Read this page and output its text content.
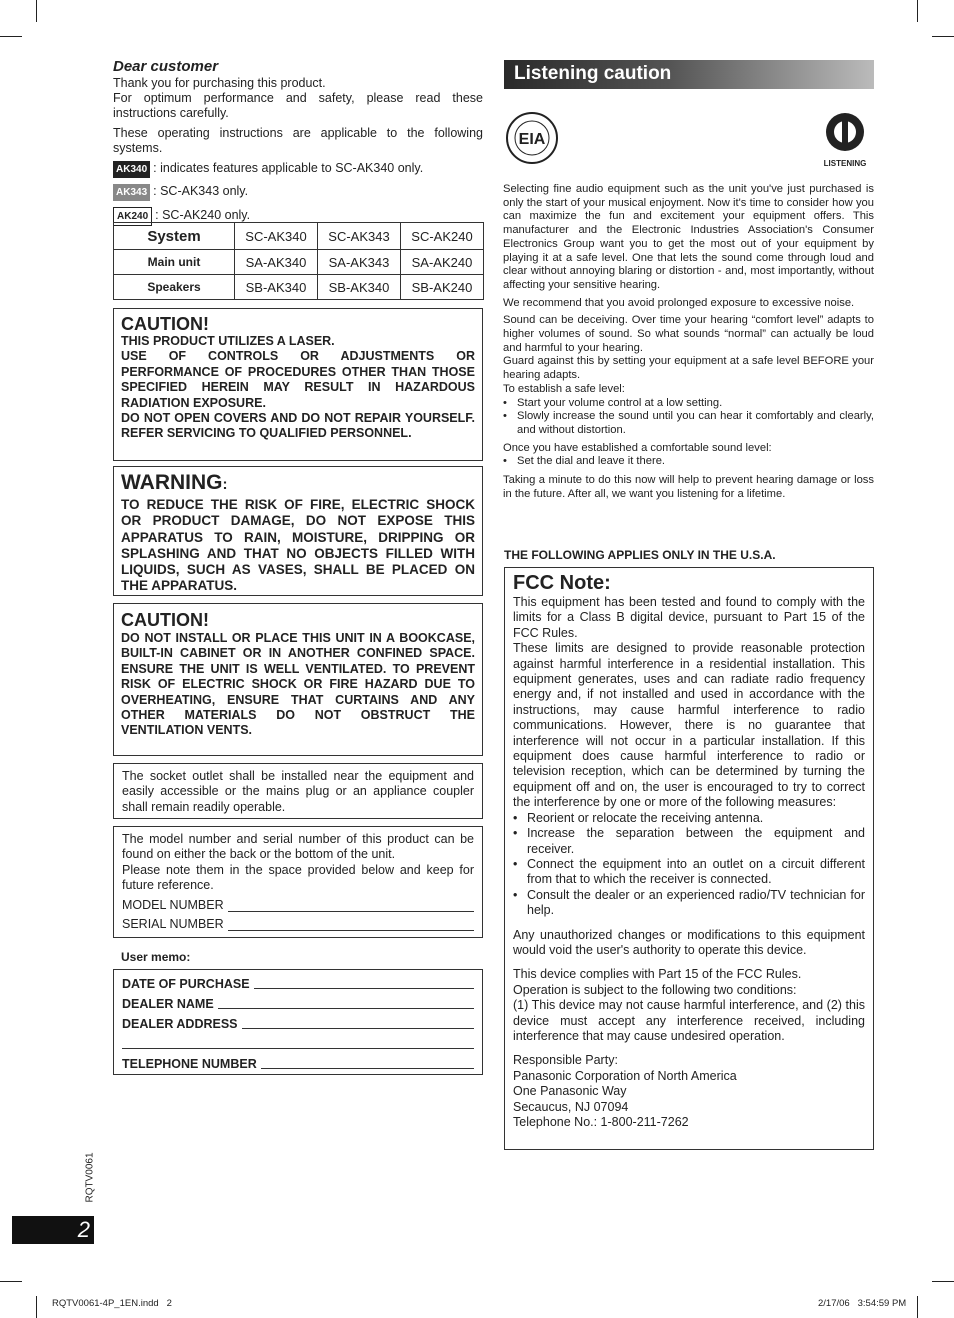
Dear customer

Thank you for purchasing this product.

For optimum performance and safety, please read these instructions carefully.

These operating instructions are applicable to the following systems.

AK340 : indicates features applicable to SC-AK340 only.

AK343 : SC-AK343 only.

AK240 : SC-AK240 only.

System	SC-AK340	SC-AK343	SC-AK240
Main unit	SA-AK340	SA-AK343	SA-AK240
Speakers	SB-AK340	SB-AK340	SB-AK240

CAUTION!

THIS PRODUCT UTILIZES A LASER.

USE OF CONTROLS OR ADJUSTMENTS OR PERFORMANCE OF PROCEDURES OTHER THAN THOSE SPECIFIED HEREIN MAY RESULT IN HAZARDOUS RADIATION EXPOSURE.

DO NOT OPEN COVERS AND DO NOT REPAIR YOURSELF. REFER SERVICING TO QUALIFIED PERSONNEL.

WARNING:

TO REDUCE THE RISK OF FIRE, ELECTRIC SHOCK OR PRODUCT DAMAGE, DO NOT EXPOSE THIS APPARATUS TO RAIN, MOISTURE, DRIPPING OR SPLASHING AND THAT NO OBJECTS FILLED WITH LIQUIDS, SUCH AS VASES, SHALL BE PLACED ON THE APPARATUS.

CAUTION!

DO NOT INSTALL OR PLACE THIS UNIT IN A BOOKCASE, BUILT-IN CABINET OR IN ANOTHER CONFINED SPACE. ENSURE THE UNIT IS WELL VENTILATED. TO PREVENT RISK OF ELECTRIC SHOCK OR FIRE HAZARD DUE TO OVERHEATING, ENSURE THAT CURTAINS AND ANY OTHER MATERIALS DO NOT OBSTRUCT THE VENTILATION VENTS.

The socket outlet shall be installed near the equipment and easily accessible or the mains plug or an appliance coupler shall remain readily operable.

The model number and serial number of this product can be found on either the back or the bottom of the unit.

Please note them in the space provided below and keep for future reference.

MODEL NUMBER

SERIAL NUMBER

User memo:

DATE OF PURCHASE

DEALER NAME

DEALER ADDRESS

TELEPHONE NUMBER

RQTV0061
2
Listening caution
EIA
LISTENING

Selecting fine audio equipment such as the unit you've just purchased is only the start of your musical enjoyment. Now it's time to consider how you can maximize the fun and excitement your equipment offers. This manufacturer and the Electronic Industries Association's Consumer Electronics Group want you to get the most out of your equipment by playing it at a safe level. One that lets the sound come through loud and clear without annoying blaring or distortion - and, most importantly, without affecting your sensitive hearing.

We recommend that you avoid prolonged exposure to excessive noise.

Sound can be deceiving. Over time your hearing “comfort level” adapts to higher volumes of sound. So what sounds “normal” can actually be loud and harmful to your hearing.

Guard against this by setting your equipment at a safe level BEFORE your hearing adapts.

To establish a safe level:

• Start your volume control at a low setting.
• Slowly increase the sound until you can hear it comfortably and clearly, and without distortion.

Once you have established a comfortable sound level:

• Set the dial and leave it there.

Taking a minute to do this now will help to prevent hearing damage or loss in the future. After all, we want you listening for a lifetime.

THE FOLLOWING APPLIES ONLY IN THE U.S.A.

FCC Note:

This equipment has been tested and found to comply with the limits for a Class B digital device, pursuant to Part 15 of the FCC Rules.

These limits are designed to provide reasonable protection against harmful interference in a residential installation. This equipment generates, uses and can radiate radio frequency energy and, if not installed and used in accordance with the instructions, may cause harmful interference to radio communications. However, there is no guarantee that interference will not occur in a particular installation. If this equipment does cause harmful interference to radio or television reception, which can be determined by turning the equipment off and on, the user is encouraged to try to correct the interference by one or more of the following measures:

• Reorient or relocate the receiving antenna.
• Increase the separation between the equipment and receiver.
• Connect the equipment into an outlet on a circuit different from that to which the receiver is connected.
• Consult the dealer or an experienced radio/TV technician for help.

Any unauthorized changes or modifications to this equipment would void the user's authority to operate this device.

This device complies with Part 15 of the FCC Rules.

Operation is subject to the following two conditions:

(1) This device may not cause harmful interference, and (2) this device must accept any interference received, including interference that may cause undesired operation.

Responsible Party:

Panasonic Corporation of North America

One Panasonic Way

Secaucus, NJ 07094

Telephone No.: 1-800-211-7262

RQTV0061-4P_1EN.indd   2	2/17/06   3:54:59 PM
